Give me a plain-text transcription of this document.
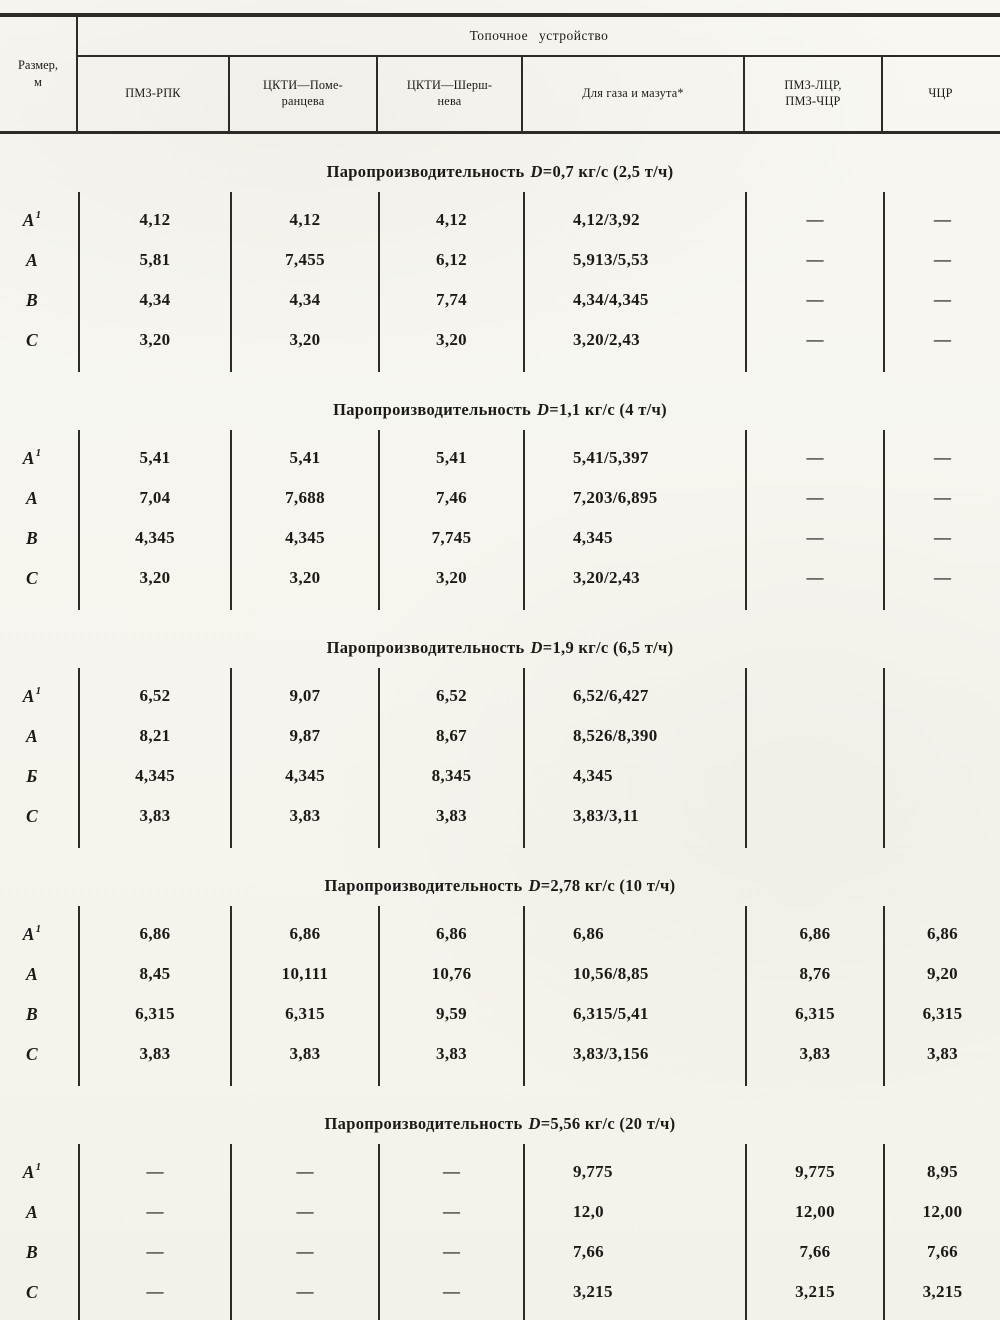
Размер,
м
Топочное устройство
ПМЗ-РПК
ЦКТИ—Поме-
ранцева
ЦКТИ—Шерш-
нева
Для газа и мазута*
ПМЗ-ЛЦР,
ПМЗ-ЧЦР
ЧЦР
Паропроизводительность D=0,7 кг/с (2,5 т/ч)
A 1	4,12	4,12	4,12	4,12/3,92	—	—
A	5,81	7,455	6,12	5,913/5,53	—	—
B	4,34	4,34	7,74	4,34/4,345	—	—
C	3,20	3,20	3,20	3,20/2,43	—	—
Паропроизводительность D=1,1 кг/с (4 т/ч)
A 1	5,41	5,41	5,41	5,41/5,397	—	—
A	7,04	7,688	7,46	7,203/6,895	—	—
B	4,345	4,345	7,745	4,345	—	—
C	3,20	3,20	3,20	3,20/2,43	—	—
Паропроизводительность D=1,9 кг/с (6,5 т/ч)
A 1	6,52	9,07	6,52	6,52/6,427
A	8,21	9,87	8,67	8,526/8,390
Б	4,345	4,345	8,345	4,345
C	3,83	3,83	3,83	3,83/3,11
Паропроизводительность D=2,78 кг/с (10 т/ч)
A 1	6,86	6,86	6,86	6,86	6,86	6,86
A	8,45	10,111	10,76	10,56/8,85	8,76	9,20
B	6,315	6,315	9,59	6,315/5,41	6,315	6,315
C	3,83	3,83	3,83	3,83/3,156	3,83	3,83
Паропроизводительность D=5,56 кг/с (20 т/ч)
A 1	—	—	—	9,775	9,775	8,95
A	—	—	—	12,0	12,00	12,00
B	—	—	—	7,66	7,66	7,66
C	—	—	—	3,215	3,215	3,215
